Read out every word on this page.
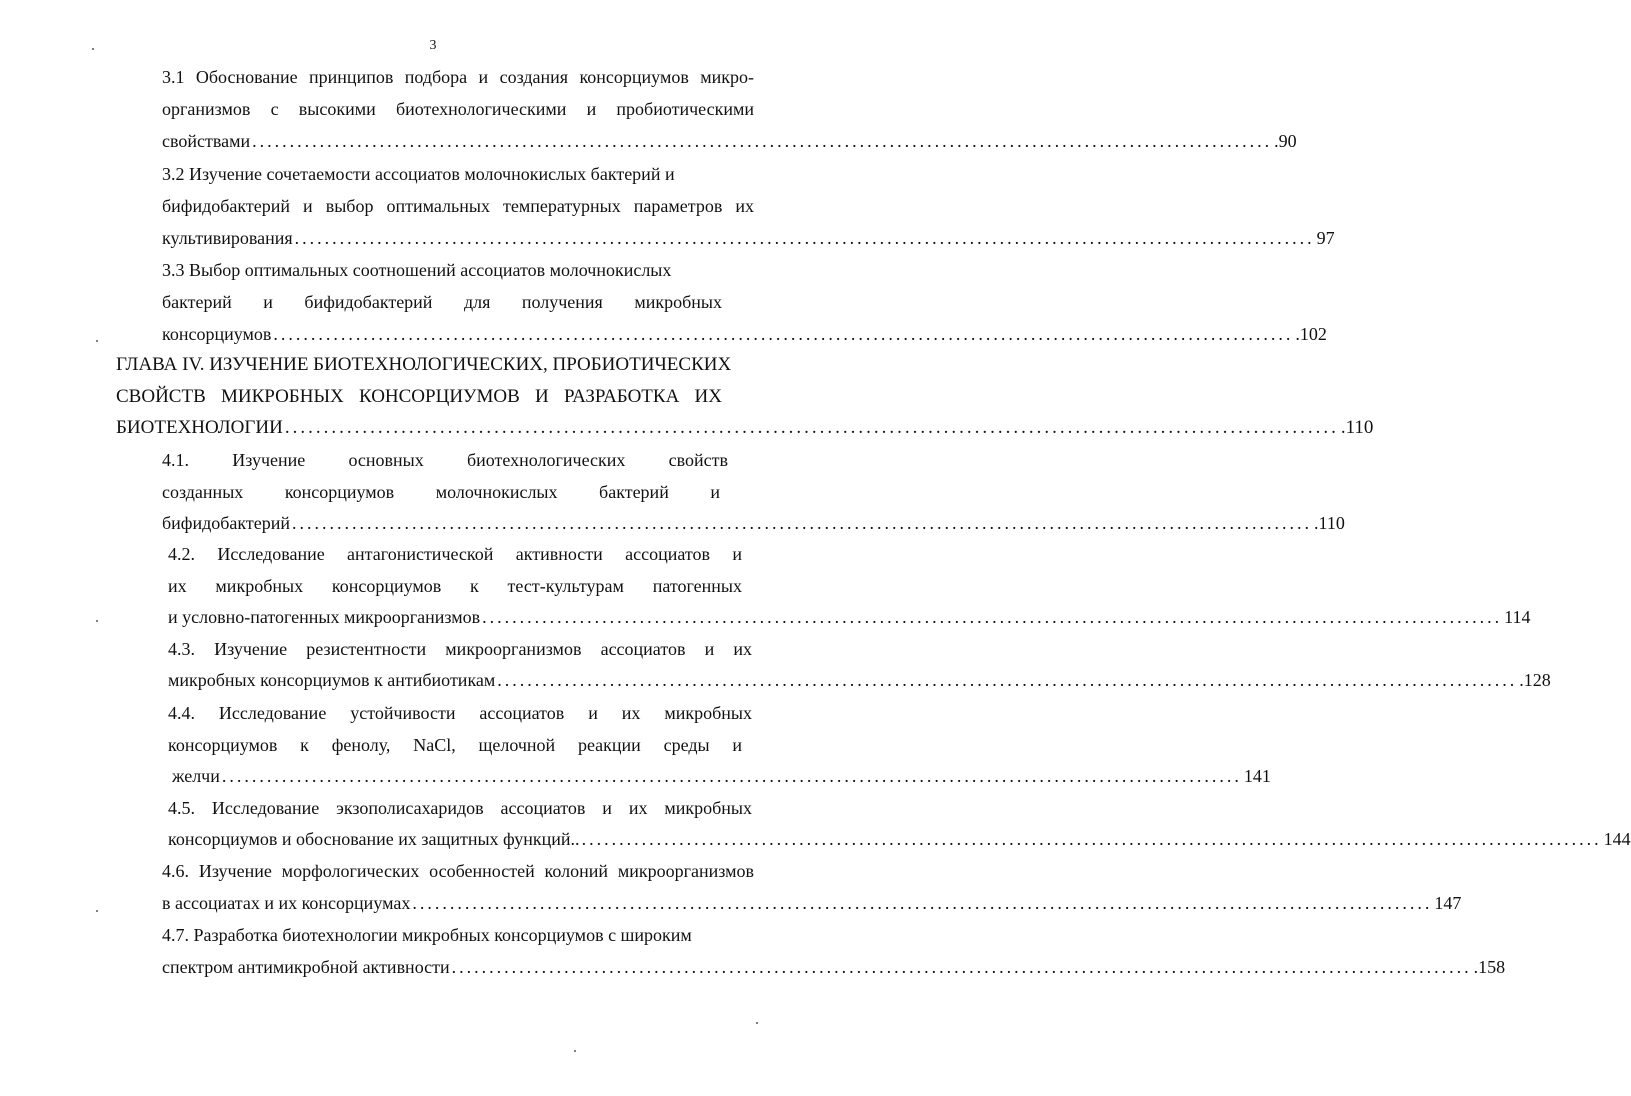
3
3.1 Обоснование принципов подбора и создания консорциумов микро-
организмов с высокими биотехнологическими и пробиотическими
свойствами ........................................................................................................................................ .90
3.2 Изучение сочетаемости ассоциатов молочнокислых бактерий и
бифидобактерий и выбор оптимальных температурных параметров их
культивирования ........................................................................................................................................ 97
3.3 Выбор оптимальных соотношений ассоциатов молочнокислых
бактерий и бифидобактерий для получения микробных
консорциумов ........................................................................................................................................ .102
ГЛАВА IV. ИЗУЧЕНИЕ БИОТЕХНОЛОГИЧЕСКИХ, ПРОБИОТИЧЕСКИХ
СВОЙСТВ МИКРОБНЫХ КОНСОРЦИУМОВ И РАЗРАБОТКА ИХ
БИОТЕХНОЛОГИИ ........................................................................................................................................ .110
4.1. Изучение основных биотехнологических свойств
созданных консорциумов молочнокислых бактерий и
бифидобактерий ........................................................................................................................................ .110
4.2. Исследование антагонистической активности ассоциатов и
их микробных консорциумов к тест-культурам патогенных
и условно-патогенных микроорганизмов ........................................................................................................................................ 114
4.3. Изучение резистентности микроорганизмов ассоциатов и их
микробных консорциумов к антибиотикам ........................................................................................................................................ .128
4.4. Исследование устойчивости ассоциатов и их микробных
консорциумов к фенолу, NaCl, щелочной реакции среды и
желчи ........................................................................................................................................ 141
4.5. Исследование экзополисахаридов ассоциатов и их микробных
консорциумов и обоснование их защитных функций.. ........................................................................................................................................ 144
4.6. Изучение морфологических особенностей колоний микроорганизмов
в ассоциатах и их консорциумах ........................................................................................................................................ 147
4.7. Разработка биотехнологии микробных консорциумов с широким
спектром антимикробной активности ........................................................................................................................................ .158
